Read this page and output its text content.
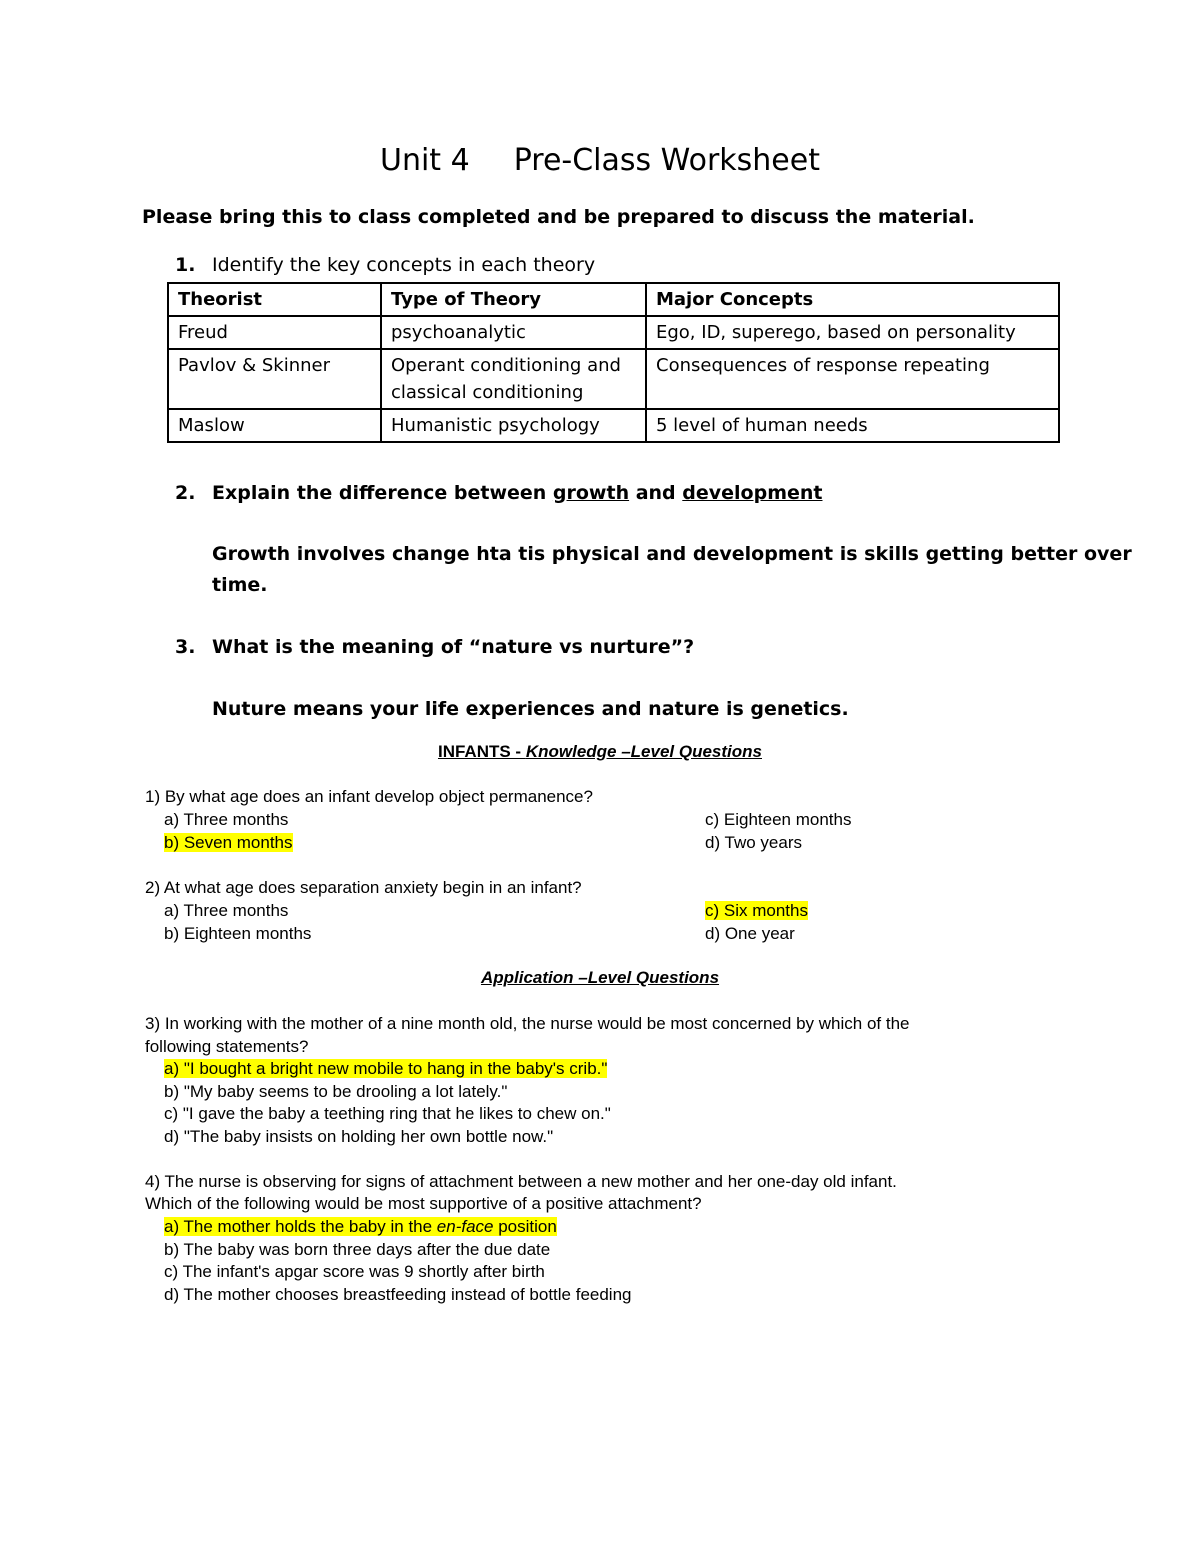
Unit 4 Pre-Class Worksheet
Please bring this to class completed and be prepared to discuss the material.
1. Identify the key concepts in each theory
Theorist	Type of Theory	Major Concepts
Freud	psychoanalytic	Ego, ID, superego, based on personality
Pavlov & Skinner	Operant conditioning and classical conditioning	Consequences of response repeating
Maslow	Humanistic psychology	5 level of human needs
2. Explain the difference between growth and development
Growth involves change hta tis physical and development is skills getting better over
time.
3. What is the meaning of “nature vs nurture”?
Nuture means your life experiences and nature is genetics.
INFANTS - Knowledge –Level Questions
1) By what age does an infant develop object permanence?
a) Three months	c) Eighteen months
b) Seven months	d) Two years
2) At what age does separation anxiety begin in an infant?
a) Three months	c) Six months
b) Eighteen months	d) One year
Application –Level Questions
3) In working with the mother of a nine month old, the nurse would be most concerned by which of the
following statements?
a) "I bought a bright new mobile to hang in the baby's crib."
b) "My baby seems to be drooling a lot lately."
c) "I gave the baby a teething ring that he likes to chew on."
d) "The baby insists on holding her own bottle now."
4) The nurse is observing for signs of attachment between a new mother and her one-day old infant.
Which of the following would be most supportive of a positive attachment?
a) The mother holds the baby in the en-face position
b) The baby was born three days after the due date
c) The infant's apgar score was 9 shortly after birth
d) The mother chooses breastfeeding instead of bottle feeding
